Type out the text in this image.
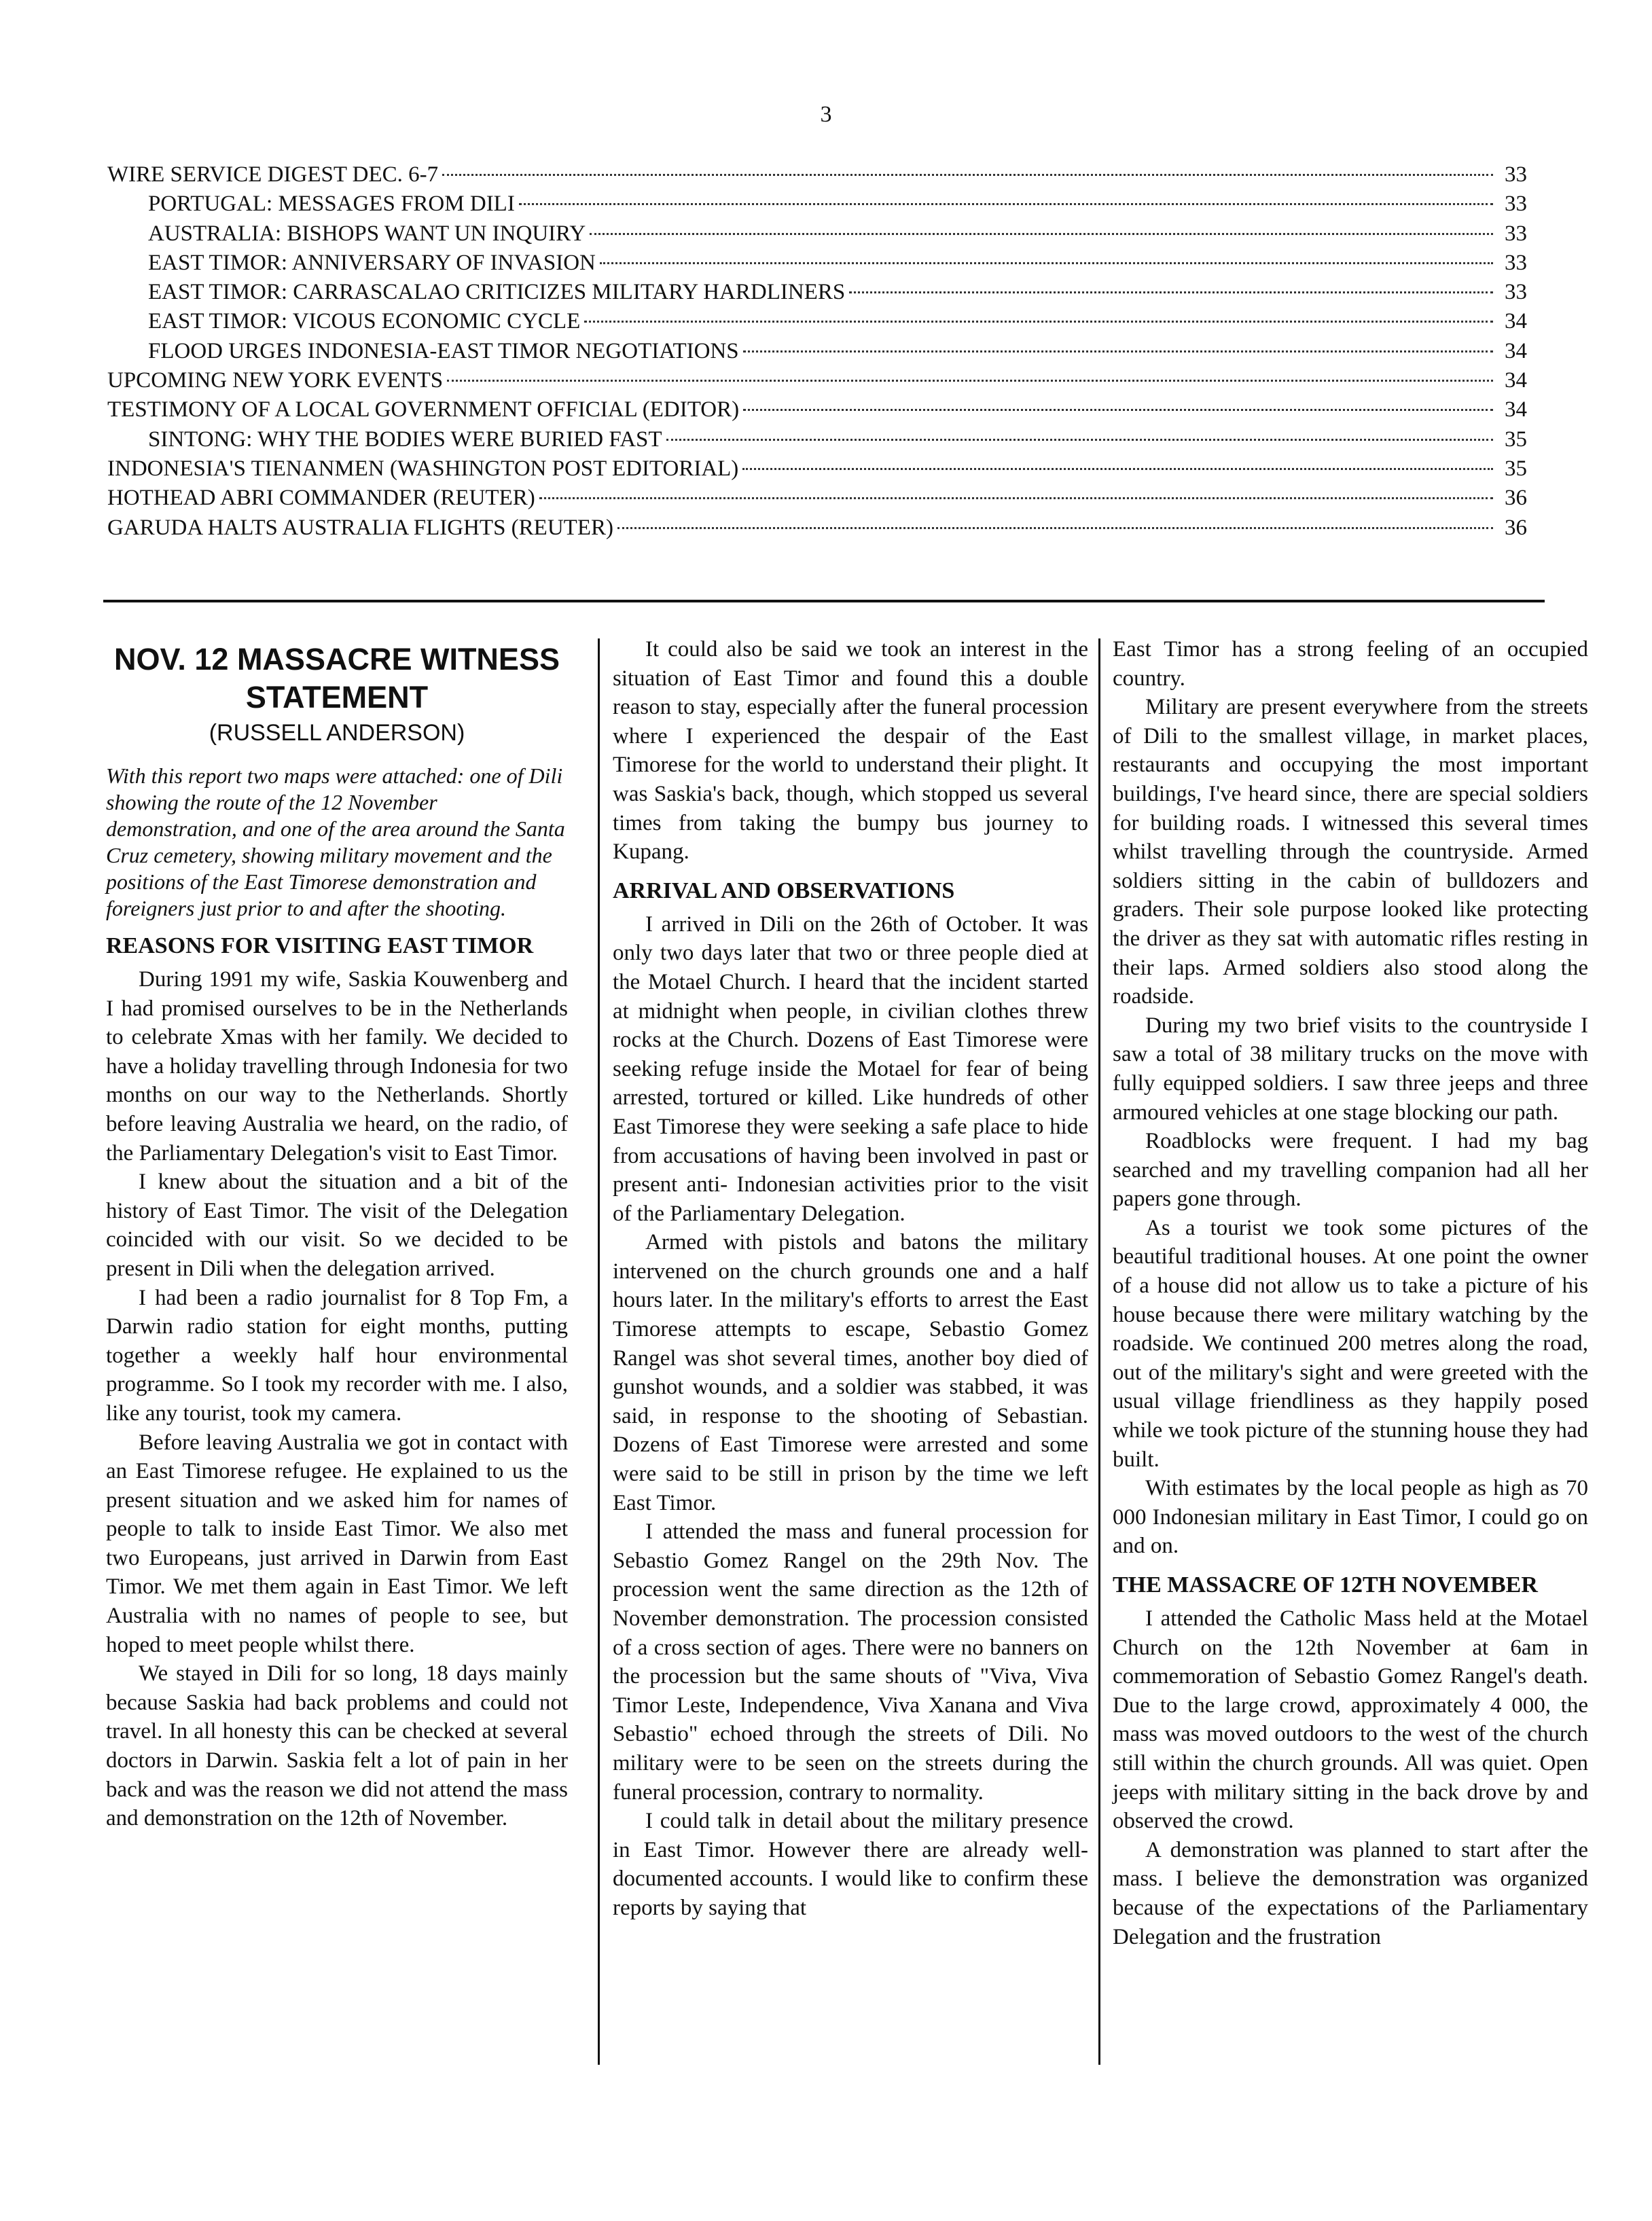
3
WIRE SERVICE DIGEST DEC. 6-7	33
PORTUGAL: MESSAGES FROM DILI	33
AUSTRALIA: BISHOPS WANT UN INQUIRY	33
EAST TIMOR: ANNIVERSARY OF INVASION	33
EAST TIMOR: CARRASCALAO CRITICIZES MILITARY HARDLINERS	33
EAST TIMOR: VICOUS ECONOMIC CYCLE	34
FLOOD URGES INDONESIA-EAST TIMOR NEGOTIATIONS	34
UPCOMING NEW YORK EVENTS	34
TESTIMONY OF A LOCAL GOVERNMENT OFFICIAL (EDITOR)	34
SINTONG: WHY THE BODIES WERE BURIED FAST	35
INDONESIA'S TIENANMEN (WASHINGTON POST EDITORIAL)	35
HOTHEAD ABRI COMMANDER (REUTER)	36
GARUDA HALTS AUSTRALIA FLIGHTS (REUTER)	36
NOV. 12 MASSACRE WITNESS STATEMENT
(RUSSELL ANDERSON)

With this report two maps were attached: one of Dili showing the route of the 12 November demonstration, and one of the area around the Santa Cruz cemetery, showing military movement and the positions of the East Timorese demonstration and foreigners just prior to and after the shooting.

REASONS FOR VISITING EAST TIMOR

During 1991 my wife, Saskia Kouwenberg and I had promised ourselves to be in the Netherlands to celebrate Xmas with her family. We decided to have a holiday travelling through Indonesia for two months on our way to the Netherlands. Shortly before leaving Australia we heard, on the radio, of the Parliamentary Delegation's visit to East Timor.

I knew about the situation and a bit of the history of East Timor. The visit of the Delegation coincided with our visit. So we decided to be present in Dili when the delegation arrived.

I had been a radio journalist for 8 Top Fm, a Darwin radio station for eight months, putting together a weekly half hour environmental programme. So I took my recorder with me. I also, like any tourist, took my camera.

Before leaving Australia we got in contact with an East Timorese refugee. He explained to us the present situation and we asked him for names of people to talk to inside East Timor. We also met two Europeans, just arrived in Darwin from East Timor. We met them again in East Timor. We left Australia with no names of people to see, but hoped to meet people whilst there.

We stayed in Dili for so long, 18 days mainly because Saskia had back problems and could not travel. In all honesty this can be checked at several doctors in Darwin. Saskia felt a lot of pain in her back and was the reason we did not attend the mass and demonstration on the 12th of November.

It could also be said we took an interest in the situation of East Timor and found this a double reason to stay, especially after the funeral procession where I experienced the despair of the East Timorese for the world to understand their plight. It was Saskia's back, though, which stopped us several times from taking the bumpy bus journey to Kupang.

ARRIVAL AND OBSERVATIONS

I arrived in Dili on the 26th of October. It was only two days later that two or three people died at the Motael Church. I heard that the incident started at midnight when people, in civilian clothes threw rocks at the Church. Dozens of East Timorese were seeking refuge inside the Motael for fear of being arrested, tortured or killed. Like hundreds of other East Timorese they were seeking a safe place to hide from accusations of having been involved in past or present anti- Indonesian activities prior to the visit of the Parliamentary Delegation.

Armed with pistols and batons the military intervened on the church grounds one and a half hours later. In the military's efforts to arrest the East Timorese attempts to escape, Sebastio Gomez Rangel was shot several times, another boy died of gunshot wounds, and a soldier was stabbed, it was said, in response to the shooting of Sebastian. Dozens of East Timorese were arrested and some were said to be still in prison by the time we left East Timor.

I attended the mass and funeral procession for Sebastio Gomez Rangel on the 29th Nov. The procession went the same direction as the 12th of November demonstration. The procession consisted of a cross section of ages. There were no banners on the procession but the same shouts of "Viva, Viva Timor Leste, Independence, Viva Xanana and Viva Sebastio" echoed through the streets of Dili. No military were to be seen on the streets during the funeral procession, contrary to normality.

I could talk in detail about the military presence in East Timor. However there are already well-documented accounts. I would like to confirm these reports by saying that

East Timor has a strong feeling of an occupied country.

Military are present everywhere from the streets of Dili to the smallest village, in market places, restaurants and occupying the most important buildings, I've heard since, there are special soldiers for building roads. I witnessed this several times whilst travelling through the countryside. Armed soldiers sitting in the cabin of bulldozers and graders. Their sole purpose looked like protecting the driver as they sat with automatic rifles resting in their laps. Armed soldiers also stood along the roadside.

During my two brief visits to the countryside I saw a total of 38 military trucks on the move with fully equipped soldiers. I saw three jeeps and three armoured vehicles at one stage blocking our path.

Roadblocks were frequent. I had my bag searched and my travelling companion had all her papers gone through.

As a tourist we took some pictures of the beautiful traditional houses. At one point the owner of a house did not allow us to take a picture of his house because there were military watching by the roadside. We continued 200 metres along the road, out of the military's sight and were greeted with the usual village friendliness as they happily posed while we took picture of the stunning house they had built.

With estimates by the local people as high as 70 000 Indonesian military in East Timor, I could go on and on.

THE MASSACRE OF 12TH NOVEMBER

I attended the Catholic Mass held at the Motael Church on the 12th November at 6am in commemoration of Sebastio Gomez Rangel's death. Due to the large crowd, approximately 4 000, the mass was moved outdoors to the west of the church still within the church grounds. All was quiet. Open jeeps with military sitting in the back drove by and observed the crowd.

A demonstration was planned to start after the mass. I believe the demonstration was organized because of the expectations of the Parliamentary Delegation and the frustration
